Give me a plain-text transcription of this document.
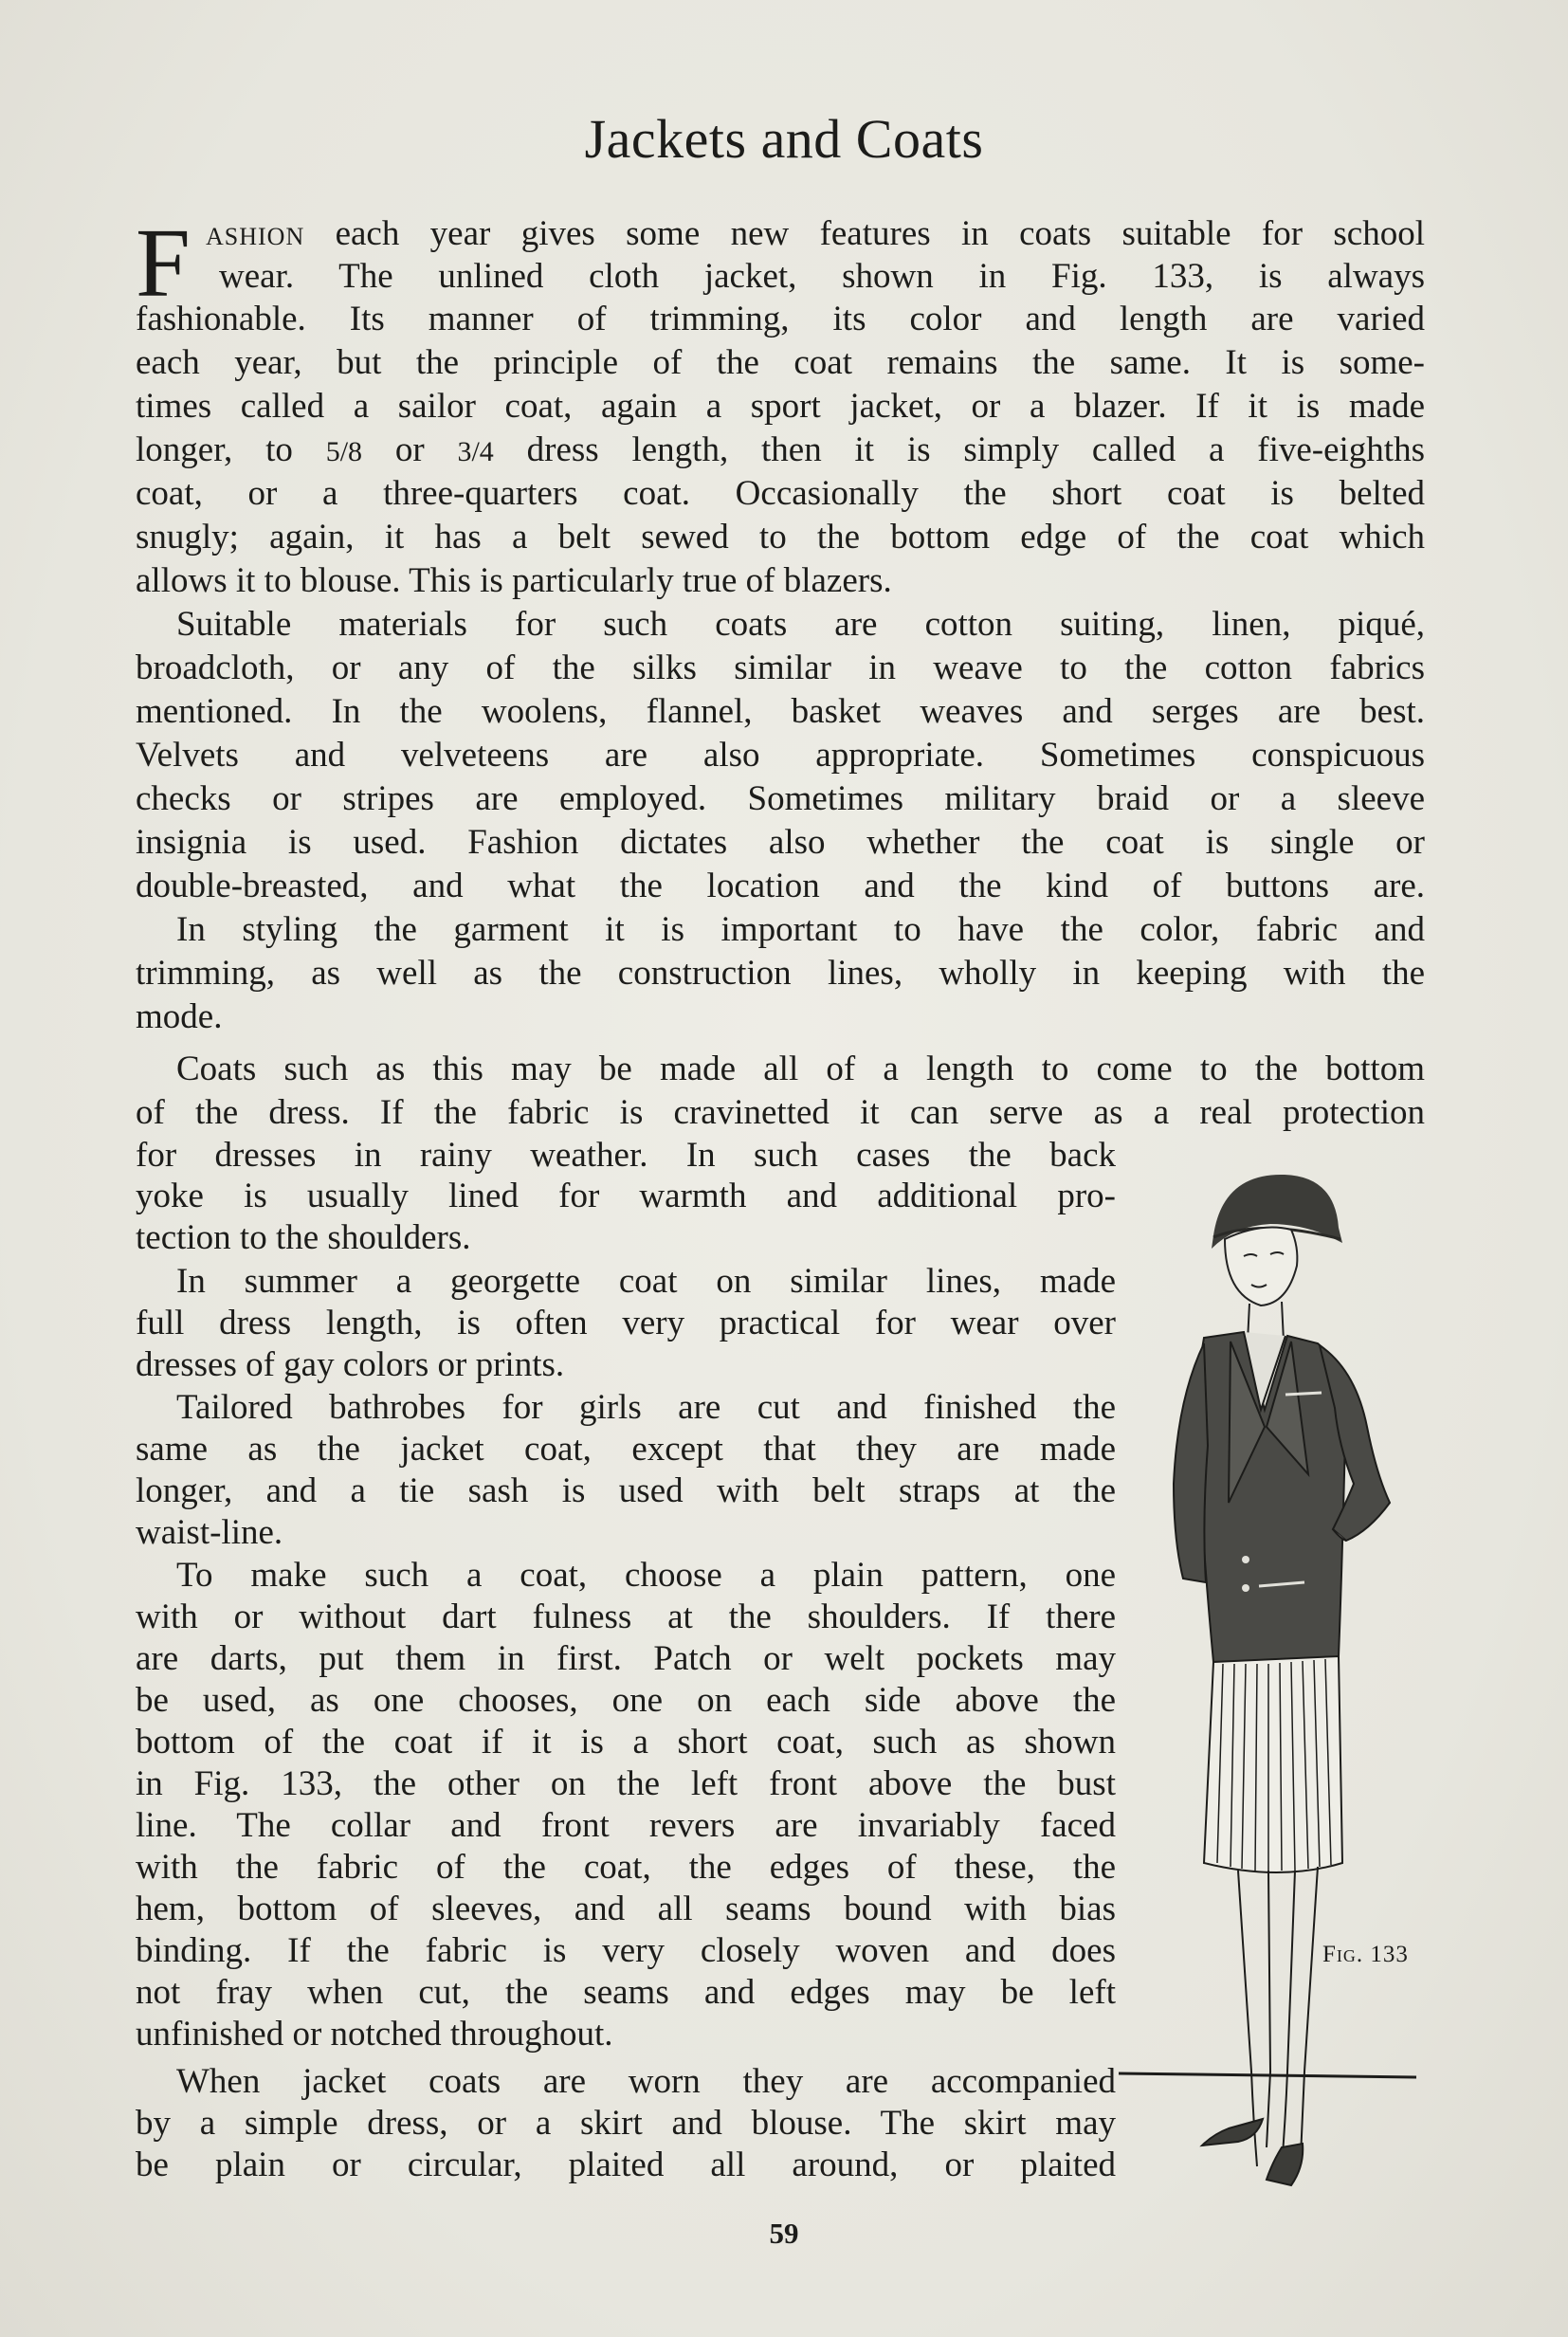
Jackets and Coats
F ashion each year gives some new features in coats suitable for school
wear. The unlined cloth jacket, shown in Fig. 133, is always
fashionable. Its manner of trimming, its color and length are varied
each year, but the principle of the coat remains the same. It is some-
times called a sailor coat, again a sport jacket, or a blazer. If it is made
longer, to 5/8 or 3/4 dress length, then it is simply called a five-eighths
coat, or a three-quarters coat. Occasionally the short coat is belted
snugly; again, it has a belt sewed to the bottom edge of the coat which
allows it to blouse. This is particularly true of blazers.
Suitable materials for such coats are cotton suiting, linen, piqué,
broadcloth, or any of the silks similar in weave to the cotton fabrics
mentioned. In the woolens, flannel, basket weaves and serges are best.
Velvets and velveteens are also appropriate. Sometimes conspicuous
checks or stripes are employed. Sometimes military braid or a sleeve
insignia is used. Fashion dictates also whether the coat is single or
double-breasted, and what the location and the kind of buttons are.
In styling the garment it is important to have the color, fabric and
trimming, as well as the construction lines, wholly in keeping with the
mode.
Coats such as this may be made all of a length to come to the bottom
of the dress. If the fabric is cravinetted it can serve as a real protection
for dresses in rainy weather. In such cases the back
yoke is usually lined for warmth and additional pro-
tection to the shoulders.
In summer a georgette coat on similar lines, made
full dress length, is often very practical for wear over
dresses of gay colors or prints.
Tailored bathrobes for girls are cut and finished the
same as the jacket coat, except that they are made
longer, and a tie sash is used with belt straps at the
waist-line.
To make such a coat, choose a plain pattern, one
with or without dart fulness at the shoulders. If there
are darts, put them in first. Patch or welt pockets may
be used, as one chooses, one on each side above the
bottom of the coat if it is a short coat, such as shown
in Fig. 133, the other on the left front above the bust
line. The collar and front revers are invariably faced
with the fabric of the coat, the edges of these, the
hem, bottom of sleeves, and all seams bound with bias
binding. If the fabric is very closely woven and does
not fray when cut, the seams and edges may be left
unfinished or notched throughout.
When jacket coats are worn they are accompanied
by a simple dress, or a skirt and blouse. The skirt may
be plain or circular, plaited all around, or plaited
Fig. 133
59
